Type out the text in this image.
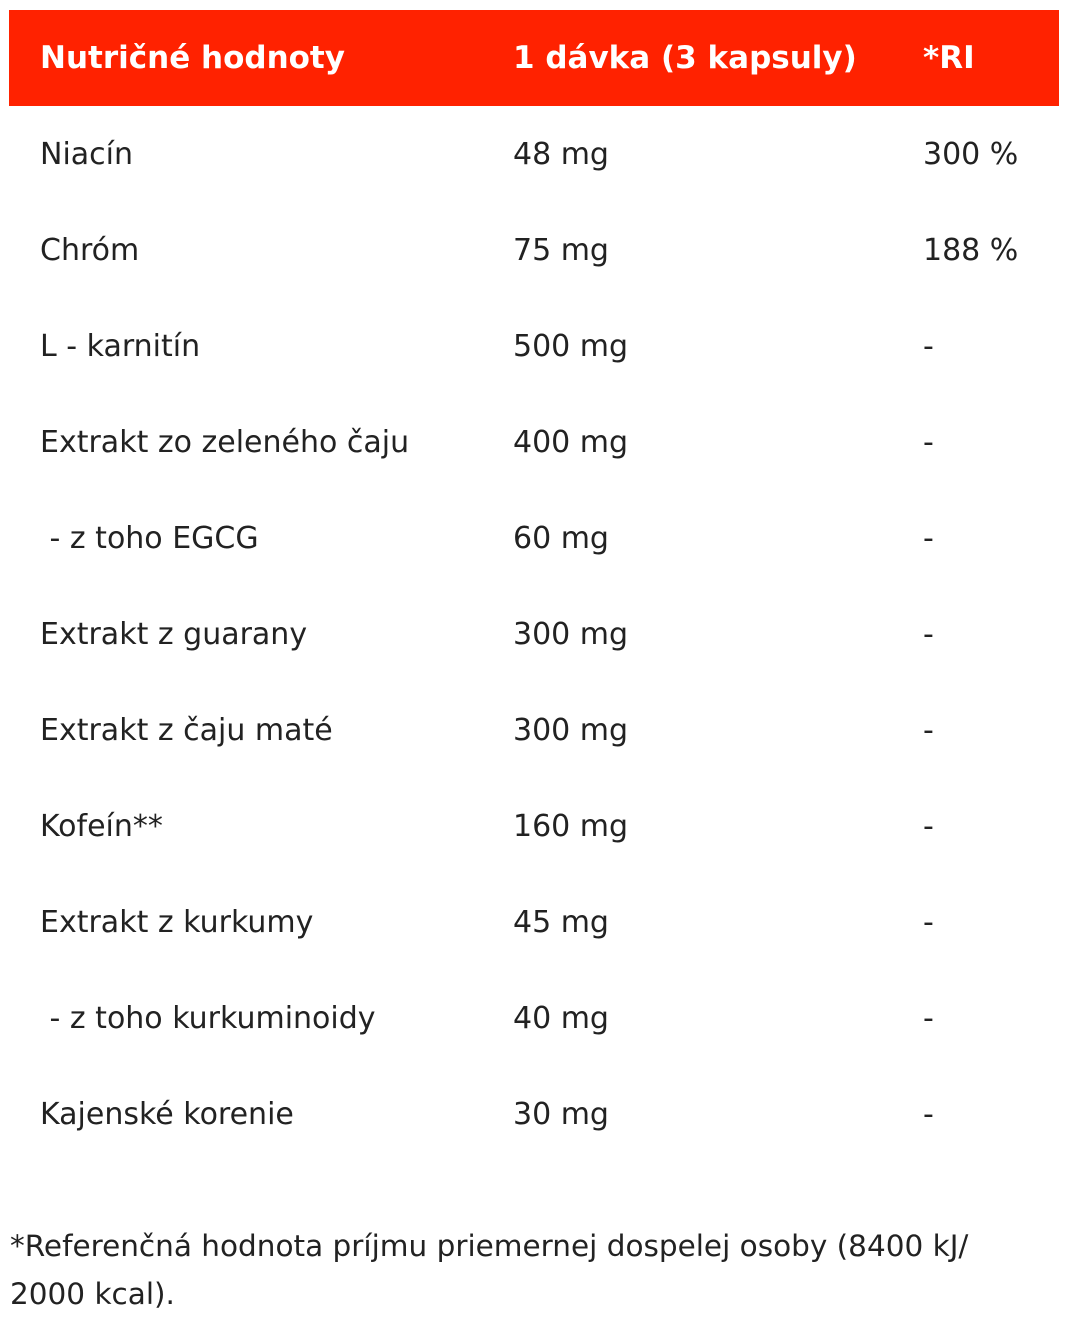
Nutričné hodnoty	1 dávka (3 kapsuly)	*RI
Niacín	48 mg	300 %
Chróm	75 mg	188 %
L - karnitín	500 mg	-
Extrakt zo zeleného čaju	400 mg	-
- z toho EGCG	60 mg	-
Extrakt z guarany	300 mg	-
Extrakt z čaju maté	300 mg	-
Kofeín**	160 mg	-
Extrakt z kurkumy	45 mg	-
- z toho kurkuminoidy	40 mg	-
Kajenské korenie	30 mg	-

*Referenčná hodnota príjmu priemernej dospelej osoby (8400 kJ/ 2000 kcal).
